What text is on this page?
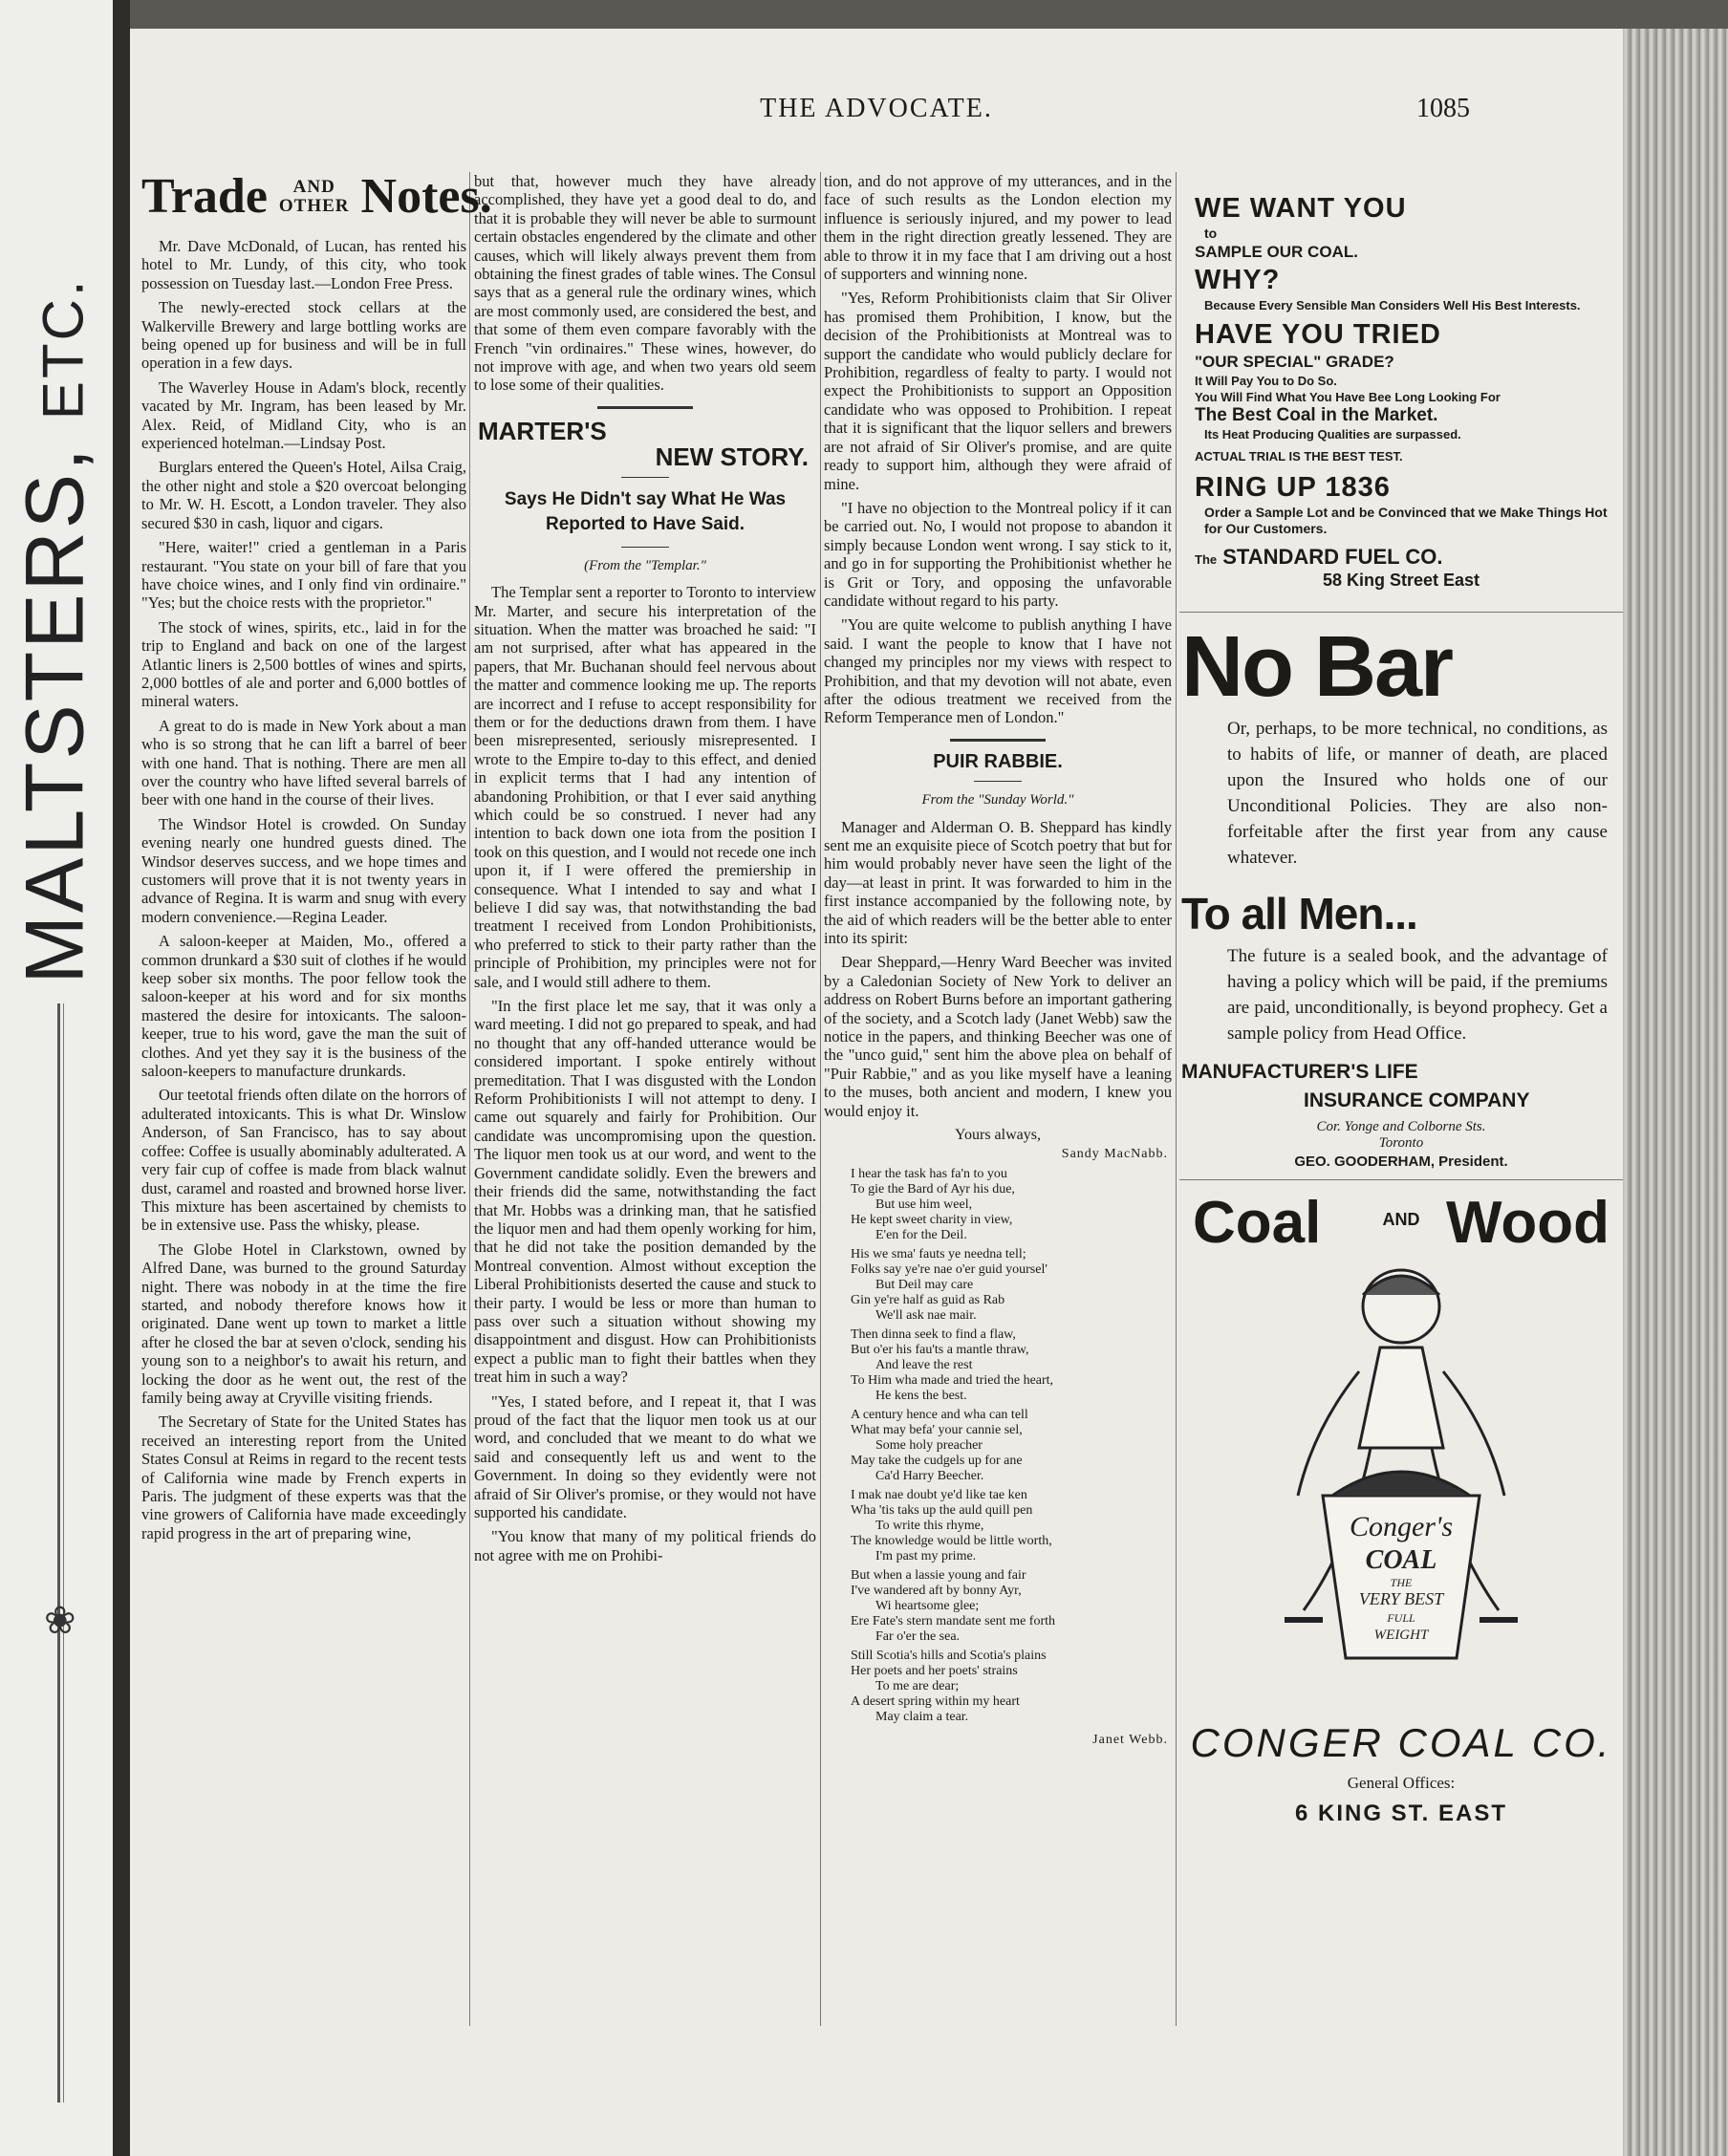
MALTSTERS, ETC.
❀
THE ADVOCATE.	1085
Trade	AND
OTHER Notes.

Mr. Dave McDonald, of Lucan, has rented his hotel to Mr. Lundy, of this city, who took possession on Tuesday last.—London Free Press.

The newly-erected stock cellars at the Walkerville Brewery and large bottling works are being opened up for business and will be in full operation in a few days.

The Waverley House in Adam's block, recently vacated by Mr. Ingram, has been leased by Mr. Alex. Reid, of Midland City, who is an experienced hotelman.—Lindsay Post.

Burglars entered the Queen's Hotel, Ailsa Craig, the other night and stole a $20 overcoat belonging to Mr. W. H. Escott, a London traveler. They also secured $30 in cash, liquor and cigars.

"Here, waiter!" cried a gentleman in a Paris restaurant. "You state on your bill of fare that you have choice wines, and I only find vin ordinaire." "Yes; but the choice rests with the proprietor."

The stock of wines, spirits, etc., laid in for the trip to England and back on one of the largest Atlantic liners is 2,500 bottles of wines and spirts, 2,000 bottles of ale and porter and 6,000 bottles of mineral waters.

A great to do is made in New York about a man who is so strong that he can lift a barrel of beer with one hand. That is nothing. There are men all over the country who have lifted several barrels of beer with one hand in the course of their lives.

The Windsor Hotel is crowded. On Sunday evening nearly one hundred guests dined. The Windsor deserves success, and we hope times and customers will prove that it is not twenty years in advance of Regina. It is warm and snug with every modern convenience.—Regina Leader.

A saloon-keeper at Maiden, Mo., offered a common drunkard a $30 suit of clothes if he would keep sober six months. The poor fellow took the saloon-keeper at his word and for six months mastered the desire for intoxicants. The saloon-keeper, true to his word, gave the man the suit of clothes. And yet they say it is the business of the saloon-keepers to manufacture drunkards.

Our teetotal friends often dilate on the horrors of adulterated intoxicants. This is what Dr. Winslow Anderson, of San Francisco, has to say about coffee: Coffee is usually abominably adulterated. A very fair cup of coffee is made from black walnut dust, caramel and roasted and browned horse liver. This mixture has been ascertained by chemists to be in extensive use. Pass the whisky, please.

The Globe Hotel in Clarkstown, owned by Alfred Dane, was burned to the ground Saturday night. There was nobody in at the time the fire started, and nobody therefore knows how it originated. Dane went up town to market a little after he closed the bar at seven o'clock, sending his young son to a neighbor's to await his return, and locking the door as he went out, the rest of the family being away at Cryville visiting friends.

The Secretary of State for the United States has received an interesting report from the United States Consul at Reims in regard to the recent tests of California wine made by French experts in Paris. The judgment of these experts was that the vine growers of California have made exceedingly rapid progress in the art of preparing wine,

but that, however much they have already accomplished, they have yet a good deal to do, and that it is probable they will never be able to surmount certain obstacles engendered by the climate and other causes, which will likely always prevent them from obtaining the finest grades of table wines. The Consul says that as a general rule the ordinary wines, which are most commonly used, are considered the best, and that some of them even compare favorably with the French "vin ordinaires." These wines, however, do not improve with age, and when two years old seem to lose some of their qualities.

MARTER'S
NEW STORY.
Says He Didn't say What He Was Reported to Have Said.
(From the "Templar."

The Templar sent a reporter to Toronto to interview Mr. Marter, and secure his interpretation of the situation. When the matter was broached he said: "I am not surprised, after what has appeared in the papers, that Mr. Buchanan should feel nervous about the matter and commence looking me up. The reports are incorrect and I refuse to accept responsibility for them or for the deductions drawn from them. I have been misrepresented, seriously misrepresented. I wrote to the Empire to-day to this effect, and denied in explicit terms that I had any intention of abandoning Prohibition, or that I ever said anything which could be so construed. I never had any intention to back down one iota from the position I took on this question, and I would not recede one inch upon it, if I were offered the premiership in consequence. What I intended to say and what I believe I did say was, that notwithstanding the bad treatment I received from London Prohibitionists, who preferred to stick to their party rather than the principle of Prohibition, my principles were not for sale, and I would still adhere to them.

"In the first place let me say, that it was only a ward meeting. I did not go prepared to speak, and had no thought that any off-handed utterance would be considered important. I spoke entirely without premeditation. That I was disgusted with the London Reform Prohibitionists I will not attempt to deny. I came out squarely and fairly for Prohibition. Our candidate was uncompromising upon the question. The liquor men took us at our word, and went to the Government candidate solidly. Even the brewers and their friends did the same, notwithstanding the fact that Mr. Hobbs was a drinking man, that he satisfied the liquor men and had them openly working for him, that he did not take the position demanded by the Montreal convention. Almost without exception the Liberal Prohibitionists deserted the cause and stuck to their party. I would be less or more than human to pass over such a situation without showing my disappointment and disgust. How can Prohibitionists expect a public man to fight their battles when they treat him in such a way?

"Yes, I stated before, and I repeat it, that I was proud of the fact that the liquor men took us at our word, and concluded that we meant to do what we said and consequently left us and went to the Government. In doing so they evidently were not afraid of Sir Oliver's promise, or they would not have supported his candidate.

"You know that many of my political friends do not agree with me on Prohibi-

tion, and do not approve of my utterances, and in the face of such results as the London election my influence is seriously injured, and my power to lead them in the right direction greatly lessened. They are able to throw it in my face that I am driving out a host of supporters and winning none.

"Yes, Reform Prohibitionists claim that Sir Oliver has promised them Prohibition, I know, but the decision of the Prohibitionists at Montreal was to support the candidate who would publicly declare for Prohibition, regardless of fealty to party. I would not expect the Prohibitionists to support an Opposition candidate who was opposed to Prohibition. I repeat that it is significant that the liquor sellers and brewers are not afraid of Sir Oliver's promise, and are quite ready to support him, although they were afraid of mine.

"I have no objection to the Montreal policy if it can be carried out. No, I would not propose to abandon it simply because London went wrong. I say stick to it, and go in for supporting the Prohibitionist whether he is Grit or Tory, and opposing the unfavorable candidate without regard to his party.

"You are quite welcome to publish anything I have said. I want the people to know that I have not changed my principles nor my views with respect to Prohibition, and that my devotion will not abate, even after the odious treatment we received from the Reform Temperance men of London."

PUIR RABBIE.
From the "Sunday World."

Manager and Alderman O. B. Sheppard has kindly sent me an exquisite piece of Scotch poetry that but for him would probably never have seen the light of the day—at least in print. It was forwarded to him in the first instance accompanied by the following note, by the aid of which readers will be the better able to enter into its spirit:

Dear Sheppard,—Henry Ward Beecher was invited by a Caledonian Society of New York to deliver an address on Robert Burns before an important gathering of the society, and a Scotch lady (Janet Webb) saw the notice in the papers, and thinking Beecher was one of the "unco guid," sent him the above plea on behalf of "Puir Rabbie," and as you like myself have a leaning to the muses, both ancient and modern, I knew you would enjoy it.

Yours always,
Sandy MacNabb.
I hear the task has fa'n to you
To gie the Bard of Ayr his due,
But use him weel,
He kept sweet charity in view,
E'en for the Deil.
His we sma' fauts ye needna tell;
Folks say ye're nae o'er guid yoursel'
But Deil may care
Gin ye're half as guid as Rab
We'll ask nae mair.
Then dinna seek to find a flaw,
But o'er his fau'ts a mantle thraw,
And leave the rest
To Him wha made and tried the heart,
He kens the best.
A century hence and wha can tell
What may befa' your cannie sel,
Some holy preacher
May take the cudgels up for ane
Ca'd Harry Beecher.
I mak nae doubt ye'd like tae ken
Wha 'tis taks up the auld quill pen
To write this rhyme,
The knowledge would be little worth,
I'm past my prime.
But when a lassie young and fair
I've wandered aft by bonny Ayr,
Wi heartsome glee;
Ere Fate's stern mandate sent me forth
Far o'er the sea.
Still Scotia's hills and Scotia's plains
Her poets and her poets' strains
To me are dear;
A desert spring within my heart
May claim a tear.
Janet Webb.
WE WANT YOU
to
SAMPLE OUR COAL.
WHY?
Because Every Sensible Man Considers Well His Best Interests.
HAVE YOU TRIED
"OUR SPECIAL" GRADE?
It Will Pay You to Do So.
You Will Find What You Have Bee Long Looking For
The Best Coal in the Market.
Its Heat Producing Qualities are surpassed.
ACTUAL TRIAL IS THE BEST TEST.
RING UP 1836
Order a Sample Lot and be Convinced that we Make Things Hot for Our Customers.
The STANDARD FUEL CO.
58 King Street East
No Bar
Or, perhaps, to be more technical, no conditions, as to habits of life, or manner of death, are placed upon the Insured who holds one of our Unconditional Policies. They are also non-forfeitable after the first year from any cause whatever.
To all Men...
The future is a sealed book, and the advantage of having a policy which will be paid, if the premiums are paid, unconditionally, is beyond prophecy. Get a sample policy from Head Office.
MANUFACTURER'S LIFE
INSURANCE COMPANY
Cor. Yonge and Colborne Sts.
Toronto
GEO. GOODERHAM, President.
Coal	AND Wood
Conger's
COAL
THE
VERY BEST
FULL
WEIGHT
CONGER COAL CO.
General Offices:
6 KING ST. EAST
